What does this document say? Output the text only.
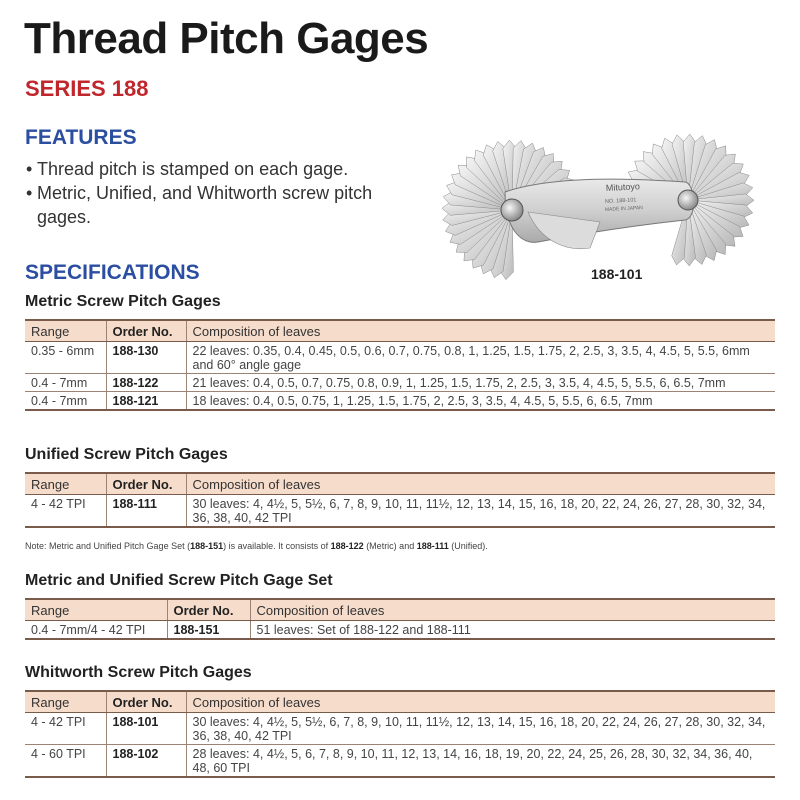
Thread Pitch Gages
SERIES 188
FEATURES
• Thread pitch is stamped on each gage.
• Metric, Unified, and Whitworth screw pitch gages.
Mitutoyo
NO. 188-101
MADE IN JAPAN
188-101
SPECIFICATIONS
Metric Screw Pitch Gages
Range	Order No.	Composition of leaves
0.35 - 6mm	188-130	22 leaves: 0.35, 0.4, 0.45, 0.5, 0.6, 0.7, 0.75, 0.8, 1, 1.25, 1.5, 1.75, 2, 2.5, 3, 3.5, 4, 4.5, 5, 5.5, 6mm and 60° angle gage
0.4 - 7mm	188-122	21 leaves: 0.4, 0.5, 0.7, 0.75, 0.8, 0.9, 1, 1.25, 1.5, 1.75, 2, 2.5, 3, 3.5, 4, 4.5, 5, 5.5, 6, 6.5, 7mm
0.4 - 7mm	188-121	18 leaves: 0.4, 0.5, 0.75, 1, 1.25, 1.5, 1.75, 2, 2.5, 3, 3.5, 4, 4.5, 5, 5.5, 6, 6.5, 7mm
Unified Screw Pitch Gages
Range	Order No.	Composition of leaves
4 - 42 TPI	188-111	30 leaves: 4, 4½, 5, 5½, 6, 7, 8, 9, 10, 11, 11½, 12, 13, 14, 15, 16, 18, 20, 22, 24, 26, 27, 28, 30, 32, 34, 36, 38, 40, 42 TPI

Note: Metric and Unified Pitch Gage Set (188-151) is available. It consists of 188-122 (Metric) and 188-111 (Unified).

Metric and Unified Screw Pitch Gage Set
Range	Order No.	Composition of leaves
0.4 - 7mm/4 - 42 TPI	188-151	51 leaves: Set of 188-122 and 188-111
Whitworth Screw Pitch Gages
Range	Order No.	Composition of leaves
4 - 42 TPI	188-101	30 leaves: 4, 4½, 5, 5½, 6, 7, 8, 9, 10, 11, 11½, 12, 13, 14, 15, 16, 18, 20, 22, 24, 26, 27, 28, 30, 32, 34, 36, 38, 40, 42 TPI
4 - 60 TPI	188-102	28 leaves: 4, 4½, 5, 6, 7, 8, 9, 10, 11, 12, 13, 14, 16, 18, 19, 20, 22, 24, 25, 26, 28, 30, 32, 34, 36, 40, 48, 60 TPI
